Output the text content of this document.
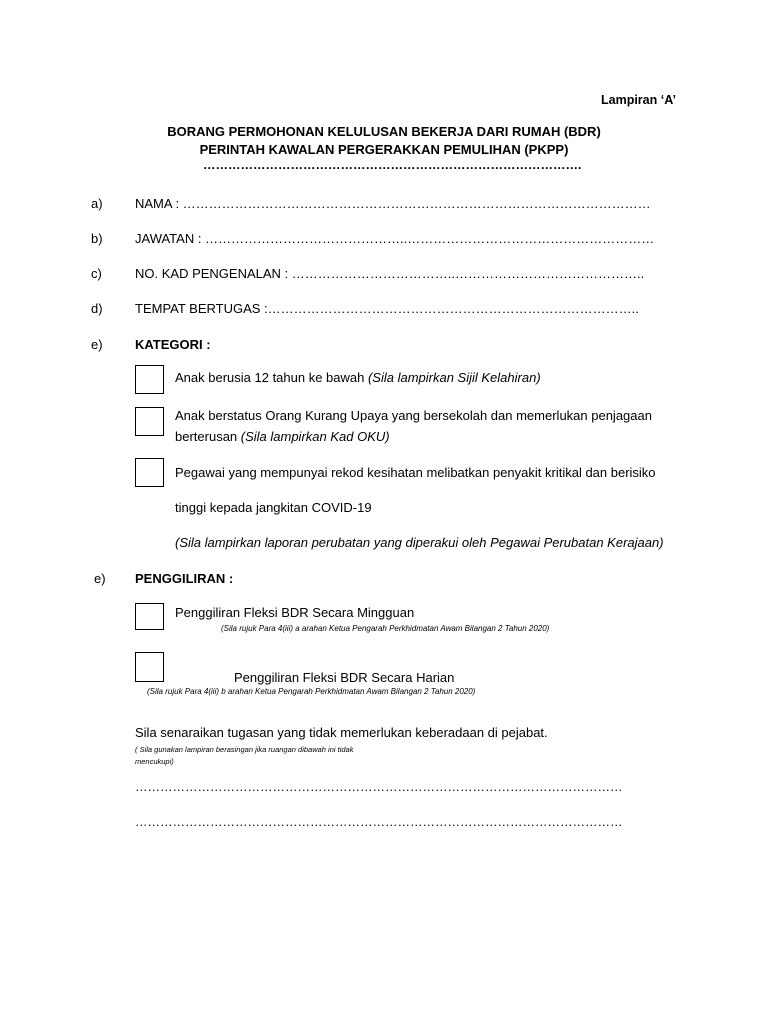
Lampiran ‘A’
BORANG PERMOHONAN KELULUSAN BEKERJA DARI RUMAH (BDR)
PERINTAH KAWALAN PERGERAKKAN PEMULIHAN (PKPP)
……………………………………………………………………………….
a) NAMA : ………………………………………………………………………………………………
b) JAWATAN : ………………………………………..…………………………………………………
c)	NO. KAD PENGENALAN : ………………………………..……………………………………..
d) TEMPAT BERTUGAS :…………………………………………………………………………..
e) KATEGORI :
Anak berusia 12 tahun ke bawah (Sila lampirkan Sijil Kelahiran)
Anak berstatus Orang Kurang Upaya yang bersekolah dan memerlukan penjagaan
berterusan (Sila lampirkan Kad OKU)
Pegawai yang mempunyai rekod kesihatan melibatkan penyakit kritikal dan berisiko
tinggi kepada jangkitan COVID-19
(Sila lampirkan laporan perubatan yang diperakui oleh Pegawai Perubatan Kerajaan)
e) PENGGILIRAN :
Penggiliran Fleksi BDR Secara Mingguan
(Sila rujuk Para 4(iii) a arahan Ketua Pengarah Perkhidmatan Awam Bilangan 2 Tahun 2020)
Penggiliran Fleksi BDR Secara Harian
(Sila rujuk Para 4(iii) b arahan Ketua Pengarah Perkhidmatan Awam Bilangan 2 Tahun 2020)
Sila senaraikan tugasan yang tidak memerlukan keberadaan di pejabat.
( Sila gunakan lampiran berasingan jika ruangan dibawah ini tidak
mencukupi)
………………………………………………………………………………………………………
………………………………………………………………………………………………………
